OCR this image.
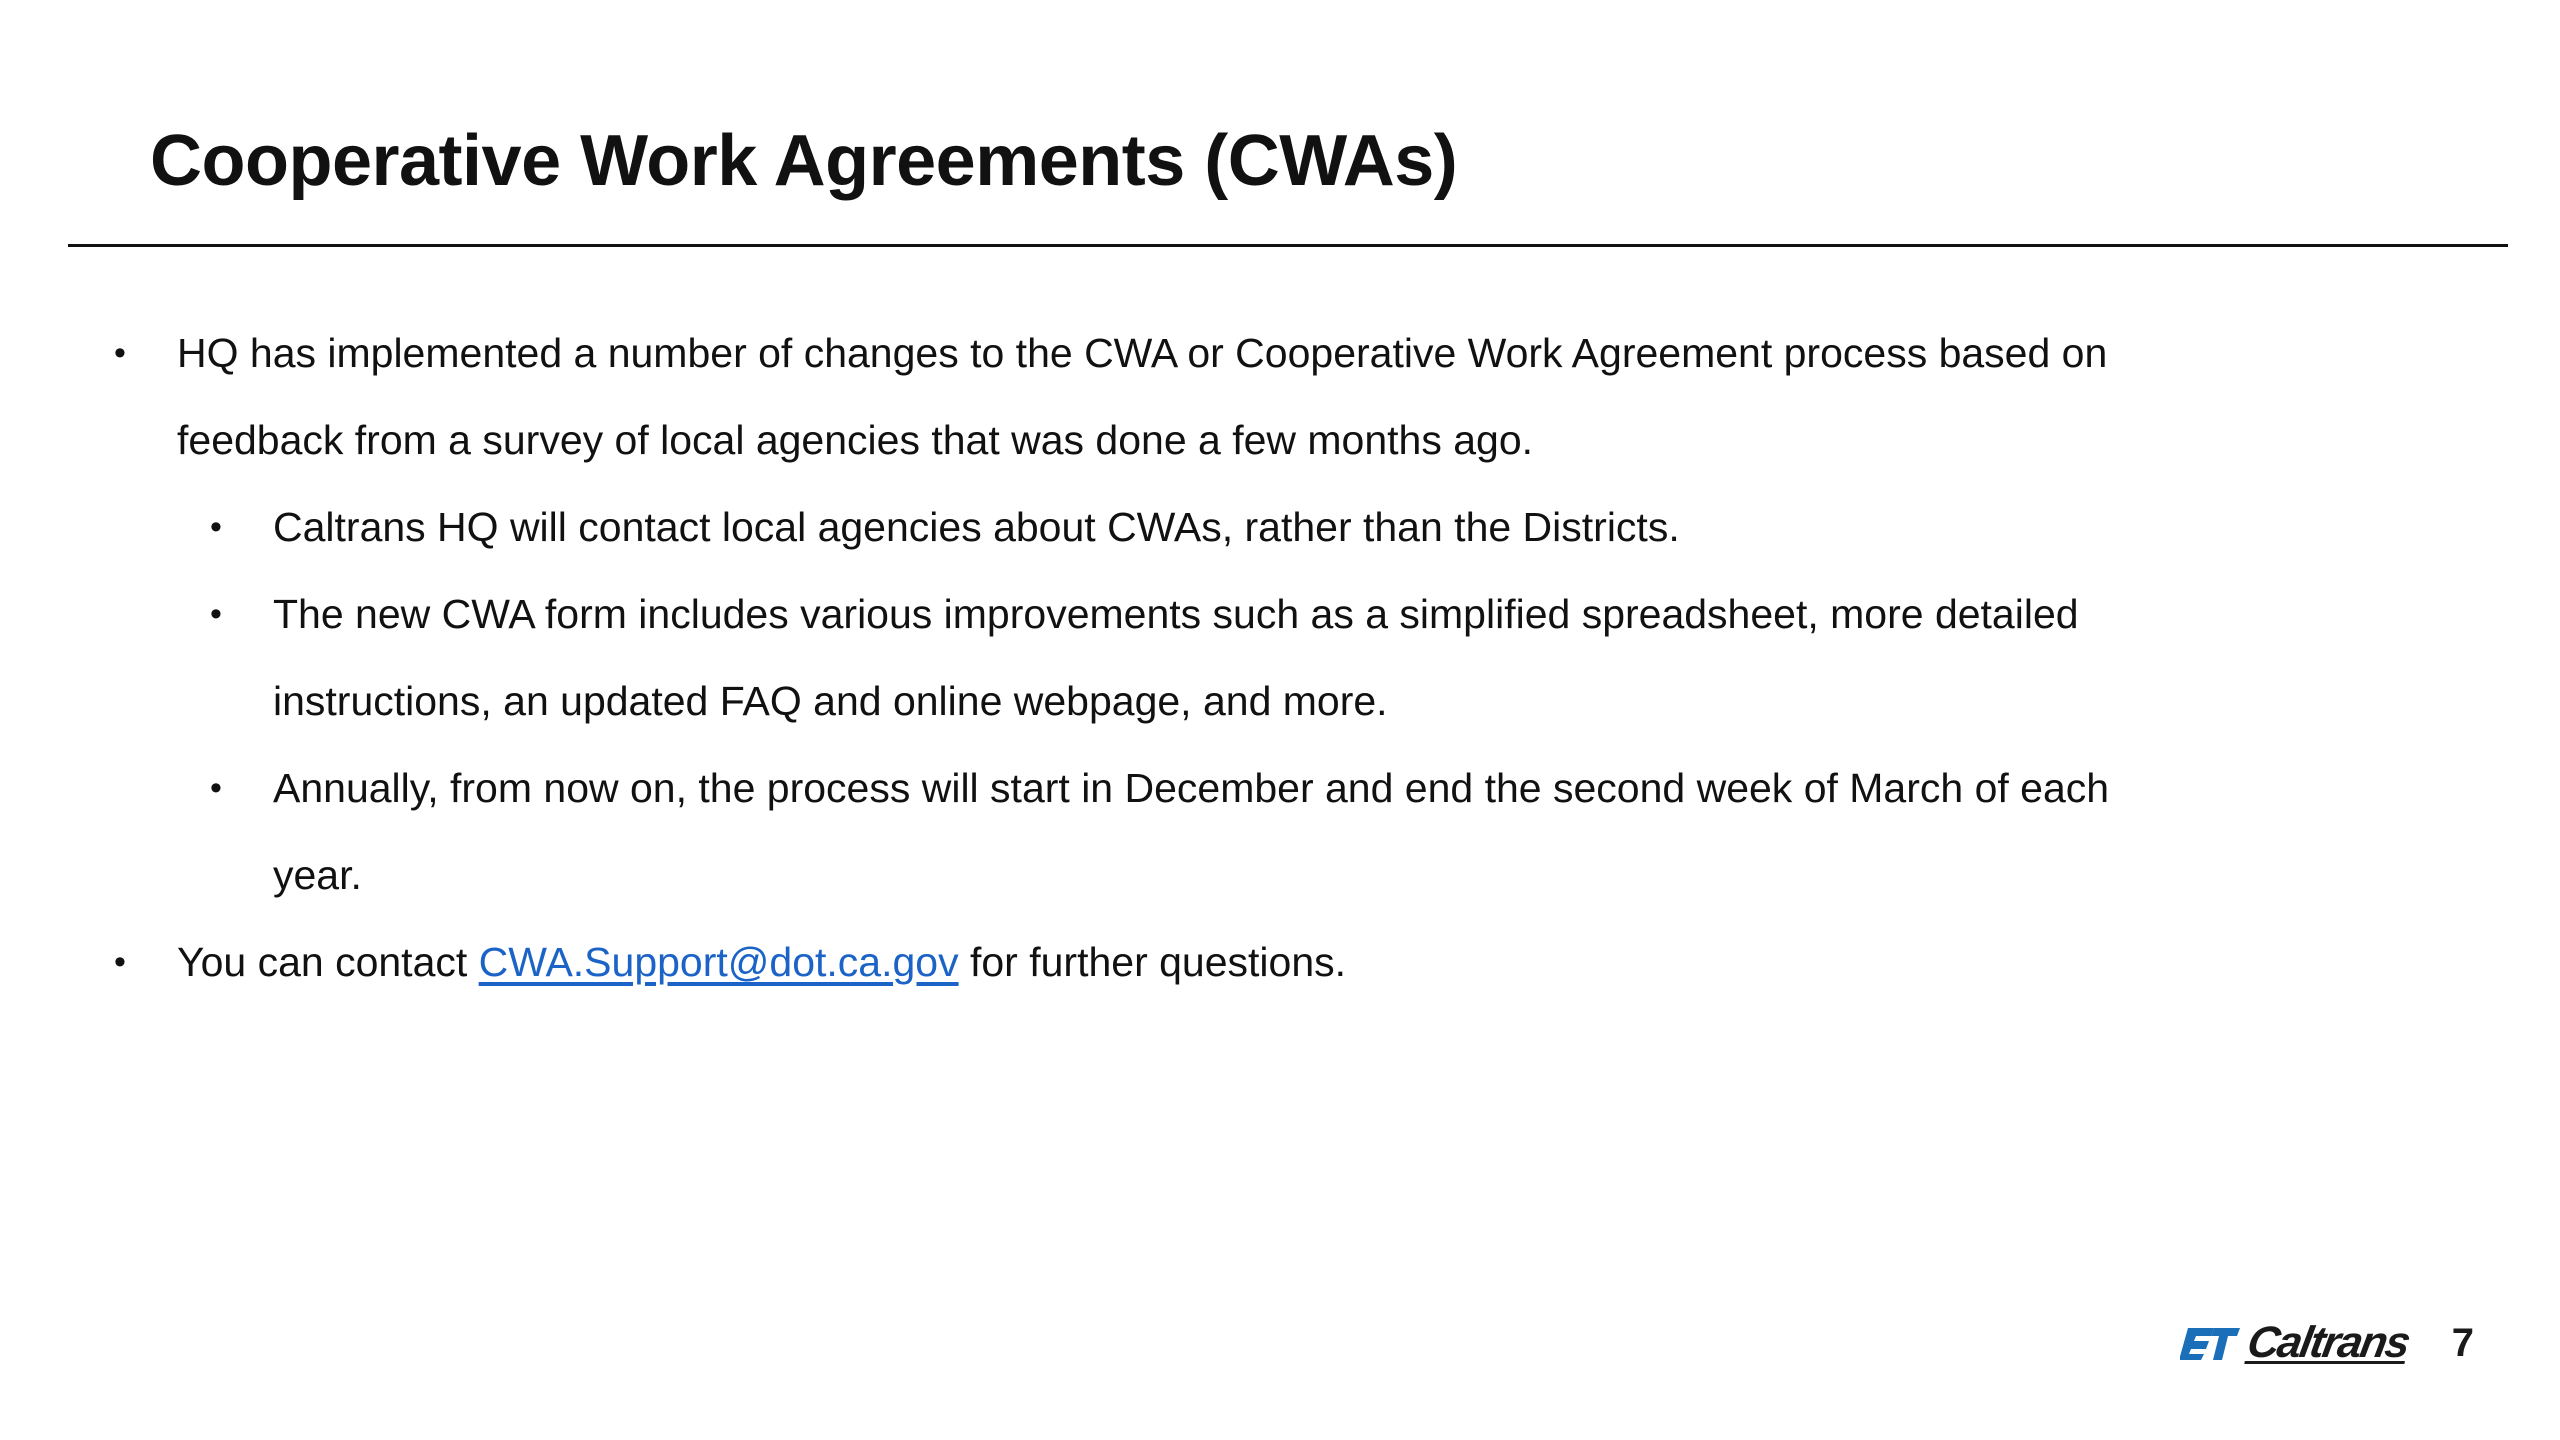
Cooperative Work Agreements (CWAs)
• HQ has implemented a number of changes to the CWA or Cooperative Work Agreement process based on feedback from a survey of local agencies that was done a few months ago.
• Caltrans HQ will contact local agencies about CWAs, rather than the Districts.
• The new CWA form includes various improvements such as a simplified spreadsheet, more detailed instructions, an updated FAQ and online webpage, and more.
• Annually, from now on, the process will start in December and end the second week of March of each year.
• You can contact CWA.Support@dot.ca.gov for further questions.
Caltrans 7
